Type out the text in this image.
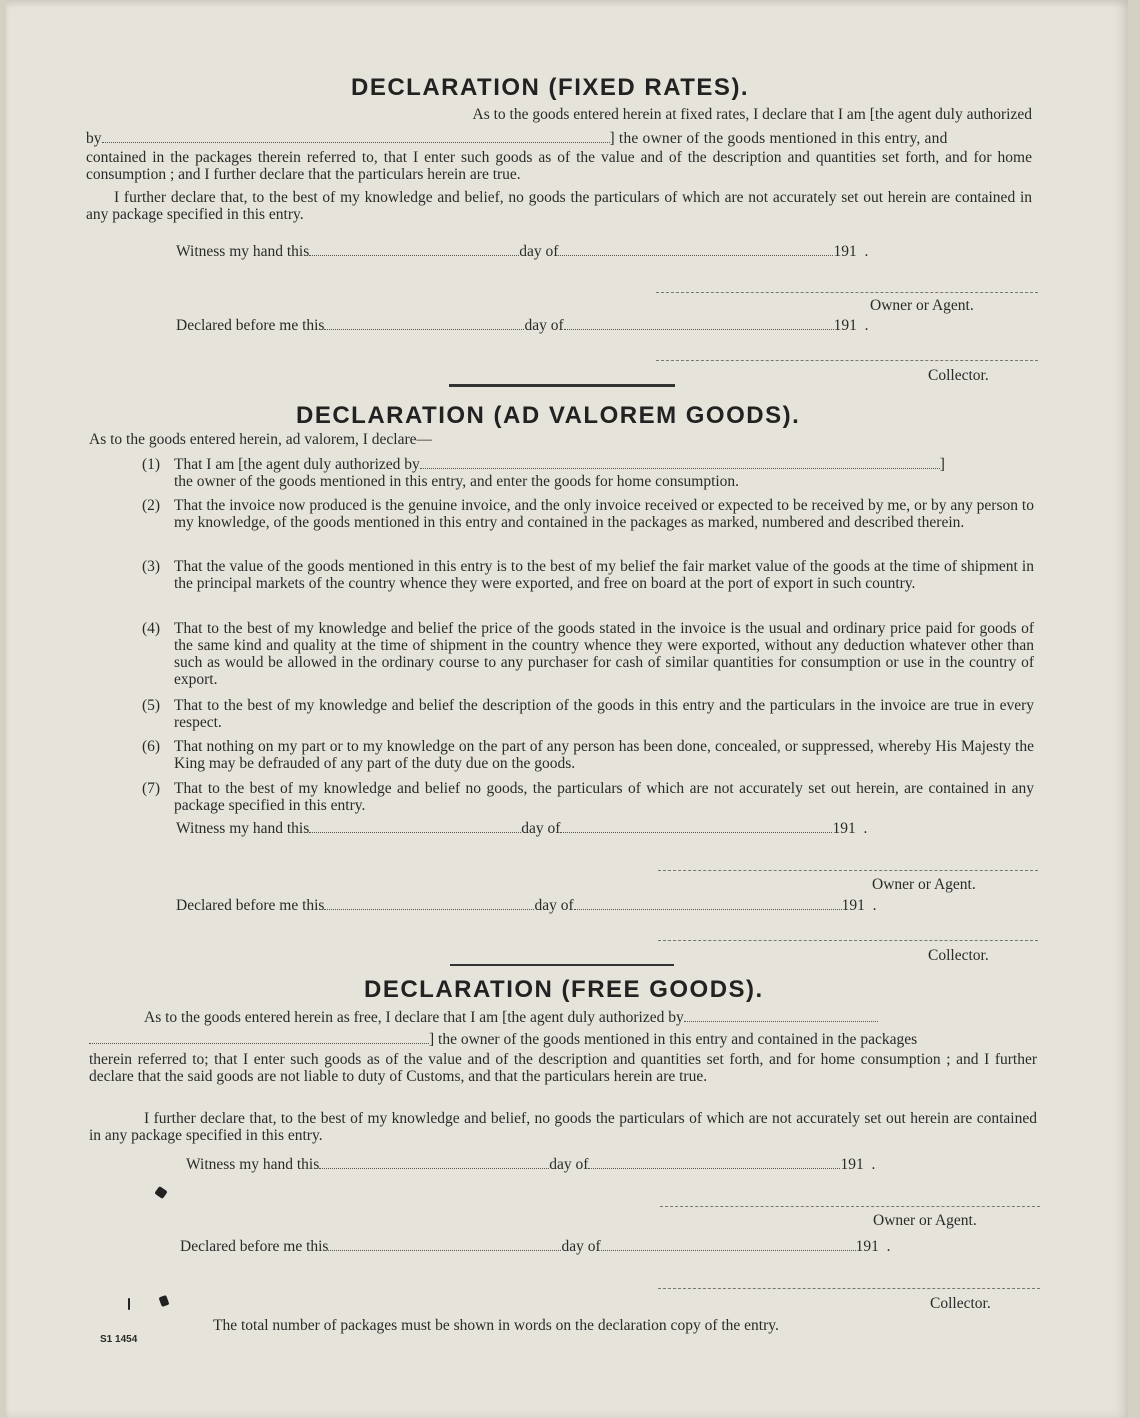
DECLARATION (FIXED RATES).
As to the goods entered herein at fixed rates, I declare that I am [the agent duly authorized
by	] the owner of the goods mentioned in this entry, and
contained in the packages therein referred to, that I enter such goods as of the value and of the description and quantities set forth, and for home consumption ; and I further declare that the particulars herein are true.
I further declare that, to the best of my knowledge and belief, no goods the particulars of which are not accurately set out herein are contained in any package specified in this entry.
Witness my hand this	day of	191  .
Owner or Agent.
Declared before me this	day of	191  .
Collector.
DECLARATION (AD VALOREM GOODS).
As to the goods entered herein, ad valorem, I declare—
(1) That I am [the agent duly authorized by	]
the owner of the goods mentioned in this entry, and enter the goods for home consumption.
(2) That the invoice now produced is the genuine invoice, and the only invoice received or expected to be received by me, or by any person to my knowledge, of the goods mentioned in this entry and contained in the packages as marked, numbered and described therein.
(3) That the value of the goods mentioned in this entry is to the best of my belief the fair market value of the goods at the time of shipment in the principal markets of the country whence they were exported, and free on board at the port of export in such country.
(4) That to the best of my knowledge and belief the price of the goods stated in the invoice is the usual and ordinary price paid for goods of the same kind and quality at the time of shipment in the country whence they were exported, without any deduction whatever other than such as would be allowed in the ordinary course to any purchaser for cash of similar quantities for consumption or use in the country of export.
(5) That to the best of my knowledge and belief the description of the goods in this entry and the particulars in the invoice are true in every respect.
(6) That nothing on my part or to my knowledge on the part of any person has been done, concealed, or suppressed, whereby His Majesty the King may be defrauded of any part of the duty due on the goods.
(7) That to the best of my knowledge and belief no goods, the particulars of which are not accurately set out herein, are contained in any package specified in this entry.
Witness my hand this	day of	191  .
Owner or Agent.
Declared before me this	day of	191  .
Collector.
DECLARATION (FREE GOODS).
As to the goods entered herein as free, I declare that I am [the agent duly authorized by
] the owner of the goods mentioned in this entry and contained in the packages
therein referred to; that I enter such goods as of the value and of the description and quantities set forth, and for home consumption ; and I further declare that the said goods are not liable to duty of Customs, and that the particulars herein are true.
I further declare that, to the best of my knowledge and belief, no goods the particulars of which are not accurately set out herein are contained in any package specified in this entry.
Witness my hand this	day of	191  .
Owner or Agent.
Declared before me this	day of	191  .
Collector.
The total number of packages must be shown in words on the declaration copy of the entry.
S1 1454
